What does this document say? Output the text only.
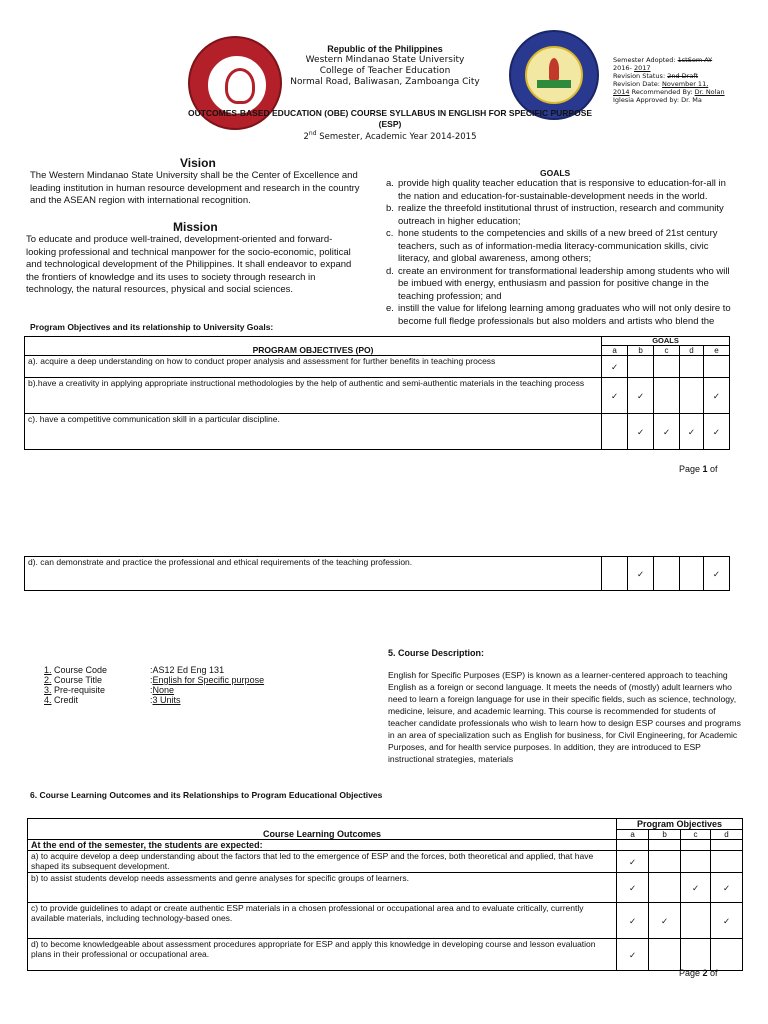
Republic of the Philippines
Western Mindanao State University
College of Teacher Education
Normal Road, Baliwasan, Zamboanga City
Semester Adopted: 1stSem AY
2016- 2017
Revision Status: 2nd Draft
Revision Date: November 11,
2014 Recommended By: Dr. Nolan
Iglesia Approved by: Dr. Ma
OUTCOMES-BASED EDUCATION (OBE) COURSE SYLLABUS IN ENGLISH FOR SPECIFIC PURPOSE
(ESP)
2nd Semester, Academic Year 2014-2015
Vision
The Western Mindanao State University shall be the Center of Excellence and leading institution in human resource development and research in the country and the ASEAN region with international recognition.
Mission
To educate and produce well-trained, development-oriented and forward-looking professional and technical manpower for the socio-economic, political and technological development of the Philippines. It shall endeavor to expand the frontiers of knowledge and its uses to society through research in technology, the natural resources, physical and social sciences.
GOALS
a. provide high quality teacher education that is responsive to education-for-all in the nation and education-for-sustainable-development needs in the world.
b. realize the threefold institutional thrust of instruction, research and community outreach in higher education;
c. hone students to the competencies and skills of a new breed of 21st century teachers, such as of information-media literacy-communication skills, civic literacy, and global awareness, among others;
d. create an environment for transformational leadership among students who will be imbued with energy, enthusiasm and passion for positive change in the teaching profession; and
e. instill the value for lifelong learning among graduates who will not only desire to become full fledge professionals but also molders and artists who blend the
Program Objectives and its relationship to University Goals:
PROGRAM OBJECTIVES (PO)	GOALS				
	a	b	c	d	e
a). acquire a deep understanding on how to conduct proper analysis and assessment for further benefits in teaching process	✓				
b).have a creativity in applying appropriate instructional methodologies by the help of authentic and semi-authentic materials in the teaching process	✓	✓			✓
c). have a competitive communication skill in a particular discipline.		✓	✓	✓	✓
Page 1 of
d). can demonstrate and practice the professional and ethical requirements of the teaching profession.		✓			✓
1. Course Code	: AS12 Ed Eng 131
2. Course Title	: English for Specific purpose
3. Pre-requisite	: None
4. Credit	: 3 Units
5. Course Description:
English for Specific Purposes (ESP) is known as a learner-centered approach to teaching English as a foreign or second language. It meets the needs of (mostly) adult learners who need to learn a foreign language for use in their specific fields, such as science, technology, medicine, leisure, and academic learning. This course is recommended for students of teacher candidate professionals who wish to learn how to design ESP courses and programs in an area of specialization such as English for business, for Civil Engineering, for Academic Purposes, and for health service purposes. In addition, they are introduced to ESP instructional strategies, materials
6. Course Learning Outcomes and its Relationships to Program Educational Objectives
Course Learning Outcomes	Program Objectives			
	a	b	c	d
At the end of the semester, the students are expected:				
a) to acquire develop a deep understanding about the factors that led to the emergence of ESP and the forces, both theoretical and applied, that have shaped its subsequent development.	✓			
b) to assist students develop needs assessments and genre analyses for specific groups of learners.	✓		✓	✓
c) to provide guidelines to adapt or create authentic ESP materials in a chosen professional or occupational area and to evaluate critically, currently available materials, including technology-based ones.	✓	✓		✓
d) to become knowledgeable about assessment procedures appropriate for ESP and apply this knowledge in developing course and lesson evaluation plans in their professional or occupational area.	✓			
Page 2 of
